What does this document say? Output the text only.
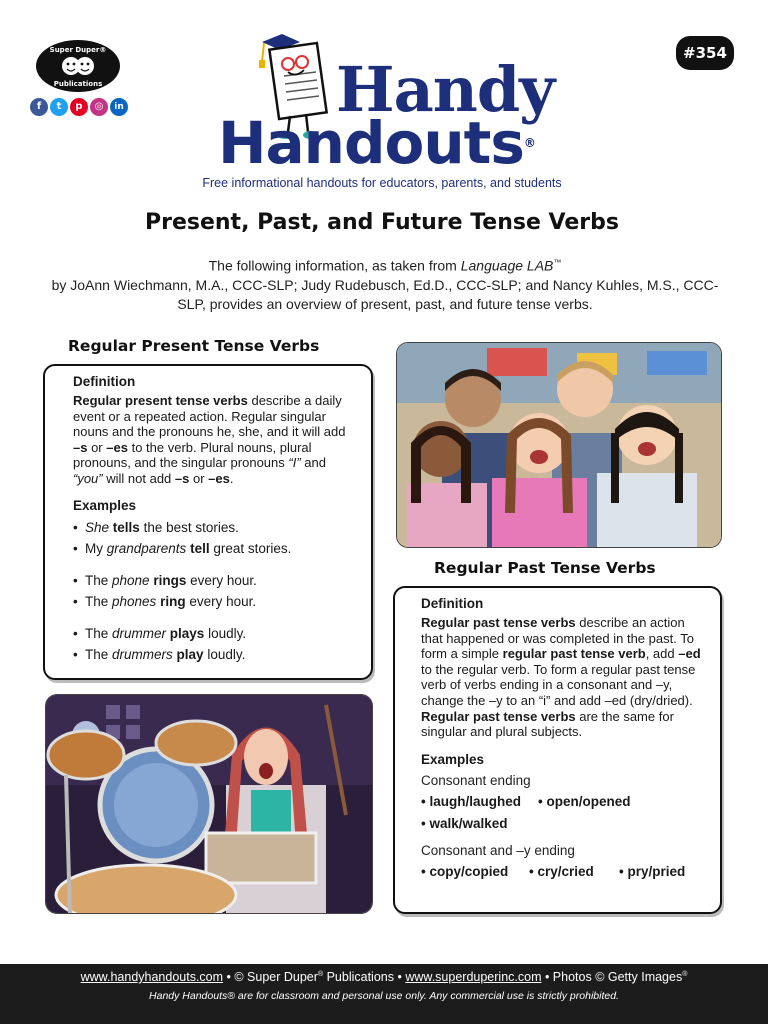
Super Duper®
Publications
f	t	p	◎	in
#354
Handy
Handouts®
Free informational handouts for educators, parents, and students
Present, Past, and Future Tense Verbs
The following information, as taken from Language LAB™
by JoAnn Wiechmann, M.A., CCC-SLP; Judy Rudebusch, Ed.D., CCC-SLP; and Nancy Kuhles, M.S., CCC-SLP, provides an overview of present, past, and future tense verbs.
Regular Present Tense Verbs
Definition

Regular present tense verbs describe a daily event or a repeated action. Regular singular nouns and the pronouns he, she, and it will add –s or –es to the verb. Plural nouns, plural pronouns, and the singular pronouns “I” and “you” will not add –s or –es.

Examples
• She tells the best stories.
• My grandparents tell great stories.
• The phone rings every hour.
• The phones ring every hour.
• The drummer plays loudly.
• The drummers play loudly.
Regular Past Tense Verbs
Definition

Regular past tense verbs describe an action that happened or was completed in the past. To form a simple regular past tense verb, add –ed to the regular verb. To form a regular past tense verb of verbs ending in a consonant and –y, change the –y to an “i” and add –ed (dry/dried). Regular past tense verbs are the same for singular and plural subjects.

Examples
Consonant ending
• laugh/laughed • open/opened
• walk/walked
Consonant and –y ending
• copy/copied • cry/cried • pry/pried
www.handyhandouts.com • © Super Duper® Publications • www.superduperinc.com • Photos © Getty Images®
Handy Handouts® are for classroom and personal use only. Any commercial use is strictly prohibited.
